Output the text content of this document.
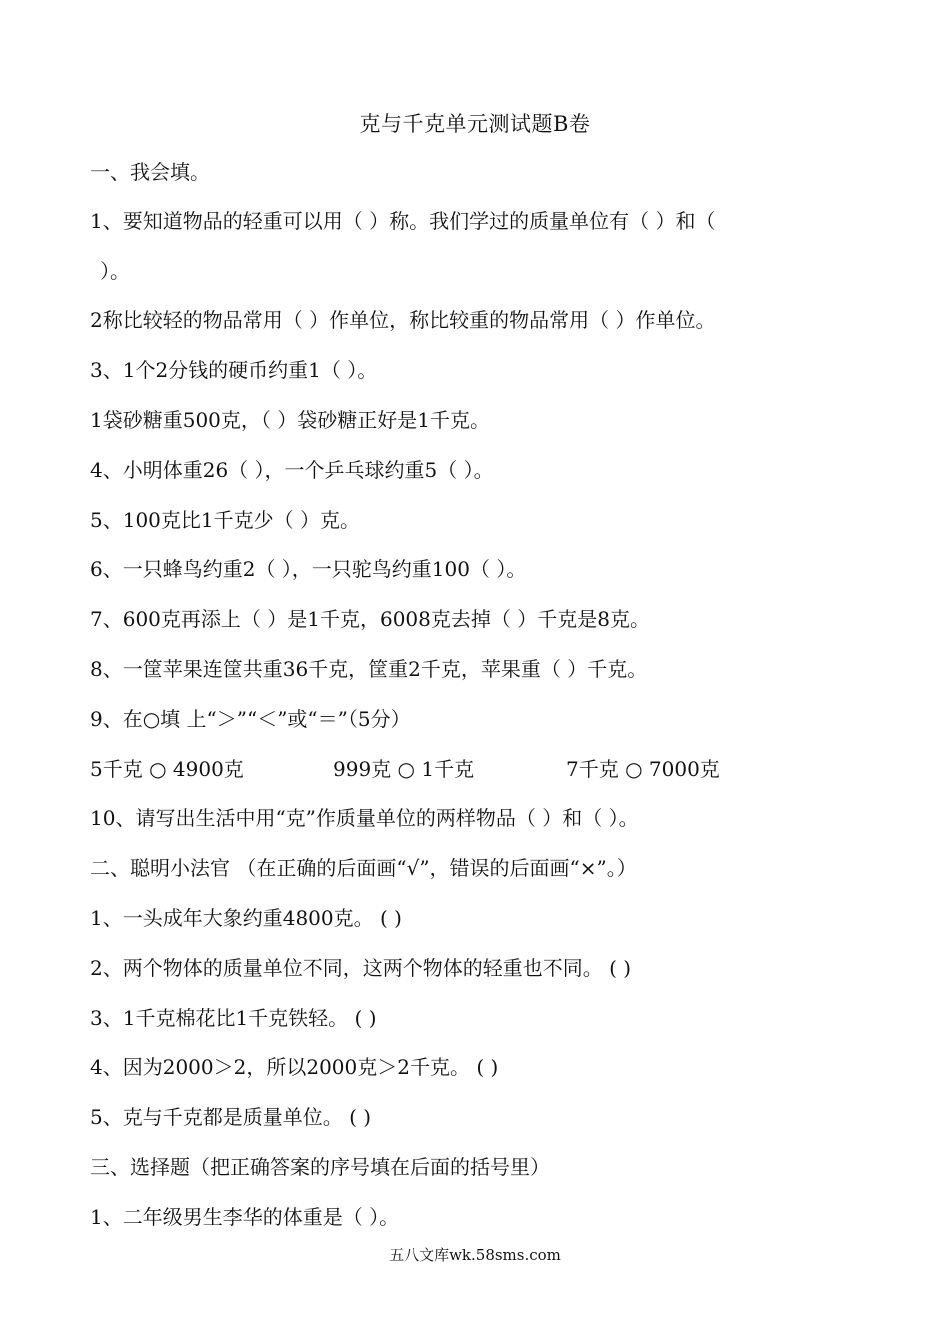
克与千克单元测试题B卷
一、我会填。
1、要知道物品的轻重可以用（ ）称。我们学过的质量单位有（ ）和（
）。
2称比较轻的物品常用（ ）作单位，称比较重的物品常用（ ）作单位。
3、1个2分钱的硬币约重1（ ）。
1袋砂糖重500克，（ ）袋砂糖正好是1千克。
4、小明体重26（ ），一个乒乓球约重5（ ）。
5、100克比1千克少（ ）克。
6、一只蜂鸟约重2（ ），一只驼鸟约重100（ ）。
7、600克再添上（ ）是1千克，6008克去掉（ ）千克是8克。
8、一筐苹果连筐共重36千克，筐重2千克，苹果重（ ）千克。
9、在○填 上“＞”“＜”或“＝”（5分）
5千克 ○ 4900克	999克 ○ 1千克	7千克 ○ 7000克
10、请写出生活中用“克”作质量单位的两样物品（ ）和（ ）。
二、聪明小法官 （在正确的后面画“√”，错误的后面画“×”。）
1、一头成年大象约重4800克。 ( )
2、两个物体的质量单位不同，这两个物体的轻重也不同。 ( )
3、1千克棉花比1千克铁轻。 ( )
4、因为2000＞2，所以2000克＞2千克。 ( )
5、克与千克都是质量单位。 ( )
三、选择题（把正确答案的序号填在后面的括号里）
1、二年级男生李华的体重是（ ）。
五八文库wk.58sms.com
